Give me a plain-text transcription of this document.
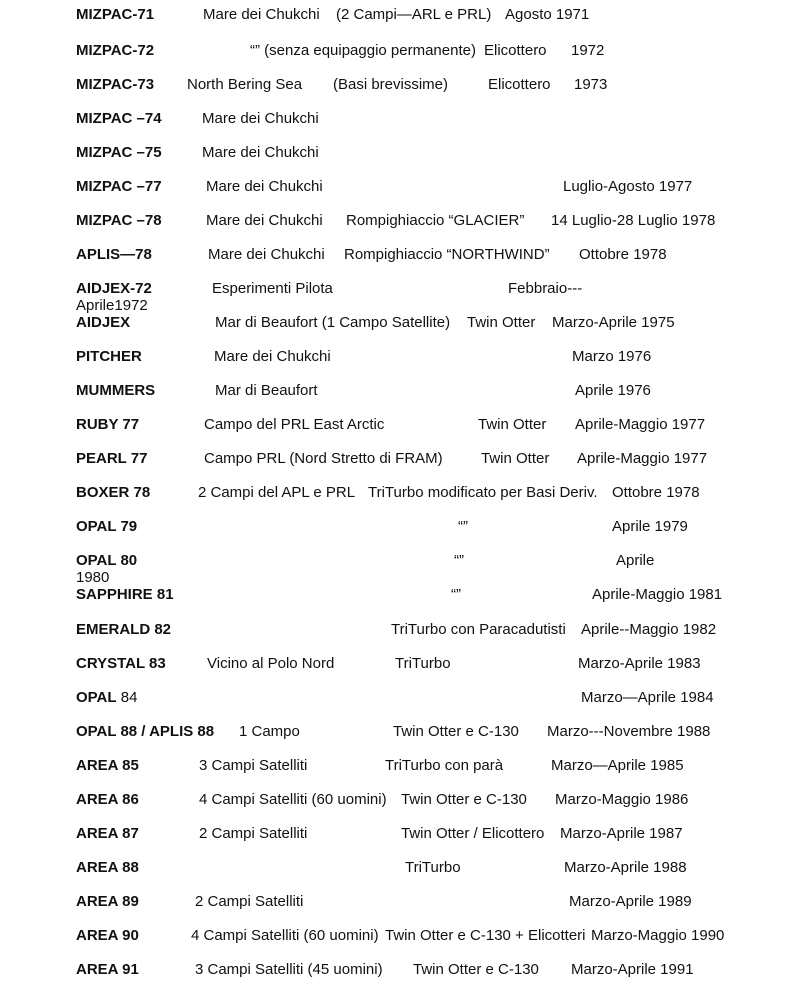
MIZPAC-71	Mare dei Chukchi (2 Campi—ARL e PRL) Agosto 1971
MIZPAC-72	“” (senza equipaggio permanente) Elicottero 1972
MIZPAC-73 North Bering Sea (Basi brevissime)	Elicottero 1973
MIZPAC –74	Mare dei Chukchi
MIZPAC –75	Mare dei Chukchi
MIZPAC –77	Mare dei Chukchi	Luglio-Agosto 1977
MIZPAC –78	Mare dei Chukchi Rompighiaccio “GLACIER” 14 Luglio-28 Luglio 1978
APLIS—78	Mare dei Chukchi Rompighiaccio “NORTHWIND” Ottobre 1978
AIDJEX-72	Esperimenti Pilota	Febbraio---
Aprile1972
AIDJEX	Mar di Beaufort (1 Campo Satellite) Twin Otter Marzo-Aprile 1975
PITCHER	Mare dei Chukchi	Marzo 1976
MUMMERS	Mar di Beaufort	Aprile 1976
RUBY 77	Campo del PRL East Arctic	Twin Otter Aprile-Maggio 1977
PEARL 77	Campo PRL (Nord Stretto di FRAM)	Twin Otter Aprile-Maggio 1977
BOXER 78	2 Campi del APL e PRL TriTurbo modificato per Basi Deriv. Ottobre 1978
OPAL 79	“”	Aprile 1979
OPAL 80	“”	Aprile
1980
SAPPHIRE 81	“”	Aprile-Maggio 1981
EMERALD 82	TriTurbo con Paracadutisti Aprile--Maggio 1982
CRYSTAL 83	Vicino al Polo Nord	TriTurbo	Marzo-Aprile 1983
OPAL 84	Marzo—Aprile 1984
OPAL 88 / APLIS 88 1 Campo	Twin Otter e C-130 Marzo---Novembre 1988
AREA 85	3 Campi Satelliti	TriTurbo con parà	Marzo—Aprile 1985
AREA 86	4 Campi Satelliti (60 uomini) Twin Otter e C-130 Marzo-Maggio 1986
AREA 87	2 Campi Satelliti	Twin Otter / Elicottero Marzo-Aprile 1987
AREA 88	TriTurbo	Marzo-Aprile 1988
AREA 89	2 Campi Satelliti	Marzo-Aprile 1989
AREA 90	4 Campi Satelliti (60 uomini) Twin Otter e C-130 + Elicotteri Marzo-Maggio 1990
AREA 91	3 Campi Satelliti (45 uomini) Twin Otter e C-130 Marzo-Aprile 1991
